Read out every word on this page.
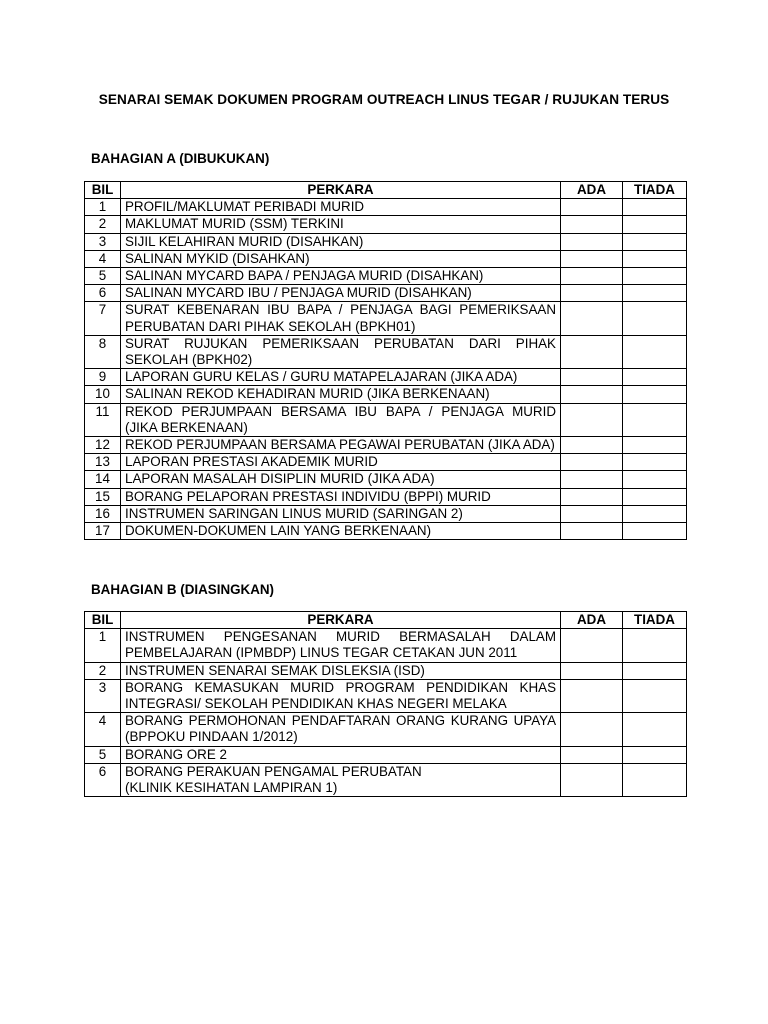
SENARAI SEMAK DOKUMEN PROGRAM OUTREACH LINUS TEGAR / RUJUKAN TERUS
BAHAGIAN A (DIBUKUKAN)
BIL	PERKARA	ADA	TIADA
1	PROFIL/MAKLUMAT PERIBADI MURID		
2	MAKLUMAT MURID (SSM) TERKINI		
3	SIJIL KELAHIRAN MURID (DISAHKAN)		
4	SALINAN MYKID (DISAHKAN)		
5	SALINAN MYCARD BAPA / PENJAGA MURID (DISAHKAN)		
6	SALINAN MYCARD IBU / PENJAGA MURID (DISAHKAN)		
7	SURAT KEBENARAN IBU BAPA / PENJAGA BAGI PEMERIKSAAN PERUBATAN DARI PIHAK SEKOLAH (BPKH01)		
8	SURAT RUJUKAN PEMERIKSAAN PERUBATAN DARI PIHAK SEKOLAH (BPKH02)		
9	LAPORAN GURU KELAS / GURU MATAPELAJARAN (JIKA ADA)		
10	SALINAN REKOD KEHADIRAN MURID (JIKA BERKENAAN)		
11	REKOD PERJUMPAAN BERSAMA IBU BAPA / PENJAGA MURID (JIKA BERKENAAN)		
12	REKOD PERJUMPAAN BERSAMA PEGAWAI PERUBATAN (JIKA ADA)		
13	LAPORAN PRESTASI AKADEMIK MURID		
14	LAPORAN MASALAH DISIPLIN MURID (JIKA ADA)		
15	BORANG PELAPORAN PRESTASI INDIVIDU (BPPI) MURID		
16	INSTRUMEN SARINGAN LINUS MURID (SARINGAN 2)		
17	DOKUMEN-DOKUMEN LAIN YANG BERKENAAN)		
BAHAGIAN B (DIASINGKAN)
BIL	PERKARA	ADA	TIADA
1	INSTRUMEN PENGESANAN MURID BERMASALAH DALAM PEMBELAJARAN (IPMBDP) LINUS TEGAR CETAKAN JUN 2011		
2	INSTRUMEN SENARAI SEMAK DISLEKSIA (ISD)		
3	BORANG KEMASUKAN MURID PROGRAM PENDIDIKAN KHAS INTEGRASI/ SEKOLAH PENDIDIKAN KHAS NEGERI MELAKA		
4	BORANG PERMOHONAN PENDAFTARAN ORANG KURANG UPAYA (BPPOKU PINDAAN 1/2012)		
5	BORANG ORE 2		
6	BORANG PERAKUAN PENGAMAL PERUBATAN
(KLINIK KESIHATAN LAMPIRAN 1)		
